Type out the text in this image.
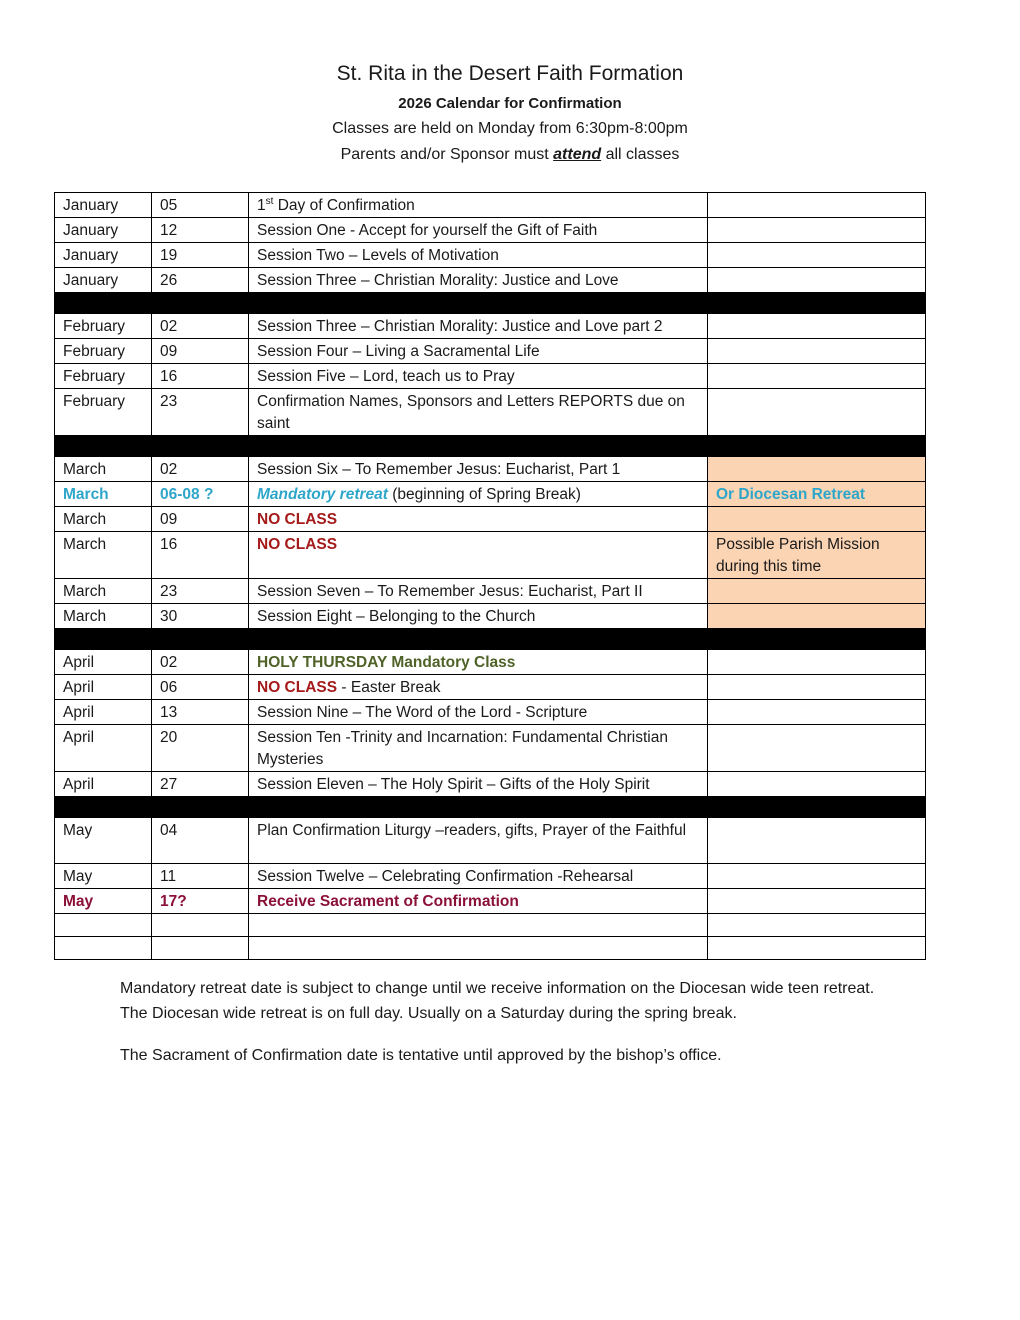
St. Rita in the Desert Faith Formation
2026 Calendar for Confirmation
Classes are held on Monday from 6:30pm-8:00pm
Parents and/or Sponsor must attend all classes
January	05	1st Day of Confirmation	
January	12	Session One - Accept for yourself the Gift of Faith	
January	19	Session Two – Levels of Motivation	
January	26	Session Three – Christian Morality: Justice and Love	

February	02	Session Three – Christian Morality: Justice and Love part 2	
February	09	Session Four – Living a Sacramental Life	
February	16	Session Five – Lord, teach us to Pray	
February	23	Confirmation Names, Sponsors and Letters REPORTS due on saint	

March	02	Session Six – To Remember Jesus: Eucharist, Part 1	
March	06-08 ?	Mandatory retreat (beginning of Spring Break)	Or Diocesan Retreat
March	09	NO CLASS	
March	16	NO CLASS	Possible Parish Mission during this time
March	23	Session Seven – To Remember Jesus: Eucharist, Part II	
March	30	Session Eight – Belonging to the Church	

April	02	HOLY THURSDAY Mandatory Class	
April	06	NO CLASS - Easter Break	
April	13	Session Nine – The Word of the Lord - Scripture	
April	20	Session Ten -Trinity and Incarnation: Fundamental Christian Mysteries	
April	27	Session Eleven – The Holy Spirit – Gifts of the Holy Spirit	

May	04	Plan Confirmation Liturgy –readers, gifts, Prayer of the Faithful	
May	11	Session Twelve – Celebrating Confirmation -Rehearsal	
May	17?	Receive Sacrament of Confirmation	

Mandatory retreat date is subject to change until we receive information on the Diocesan wide teen retreat. The Diocesan wide retreat is on full day. Usually on a Saturday during the spring break.
The Sacrament of Confirmation date is tentative until approved by the bishop’s office.
